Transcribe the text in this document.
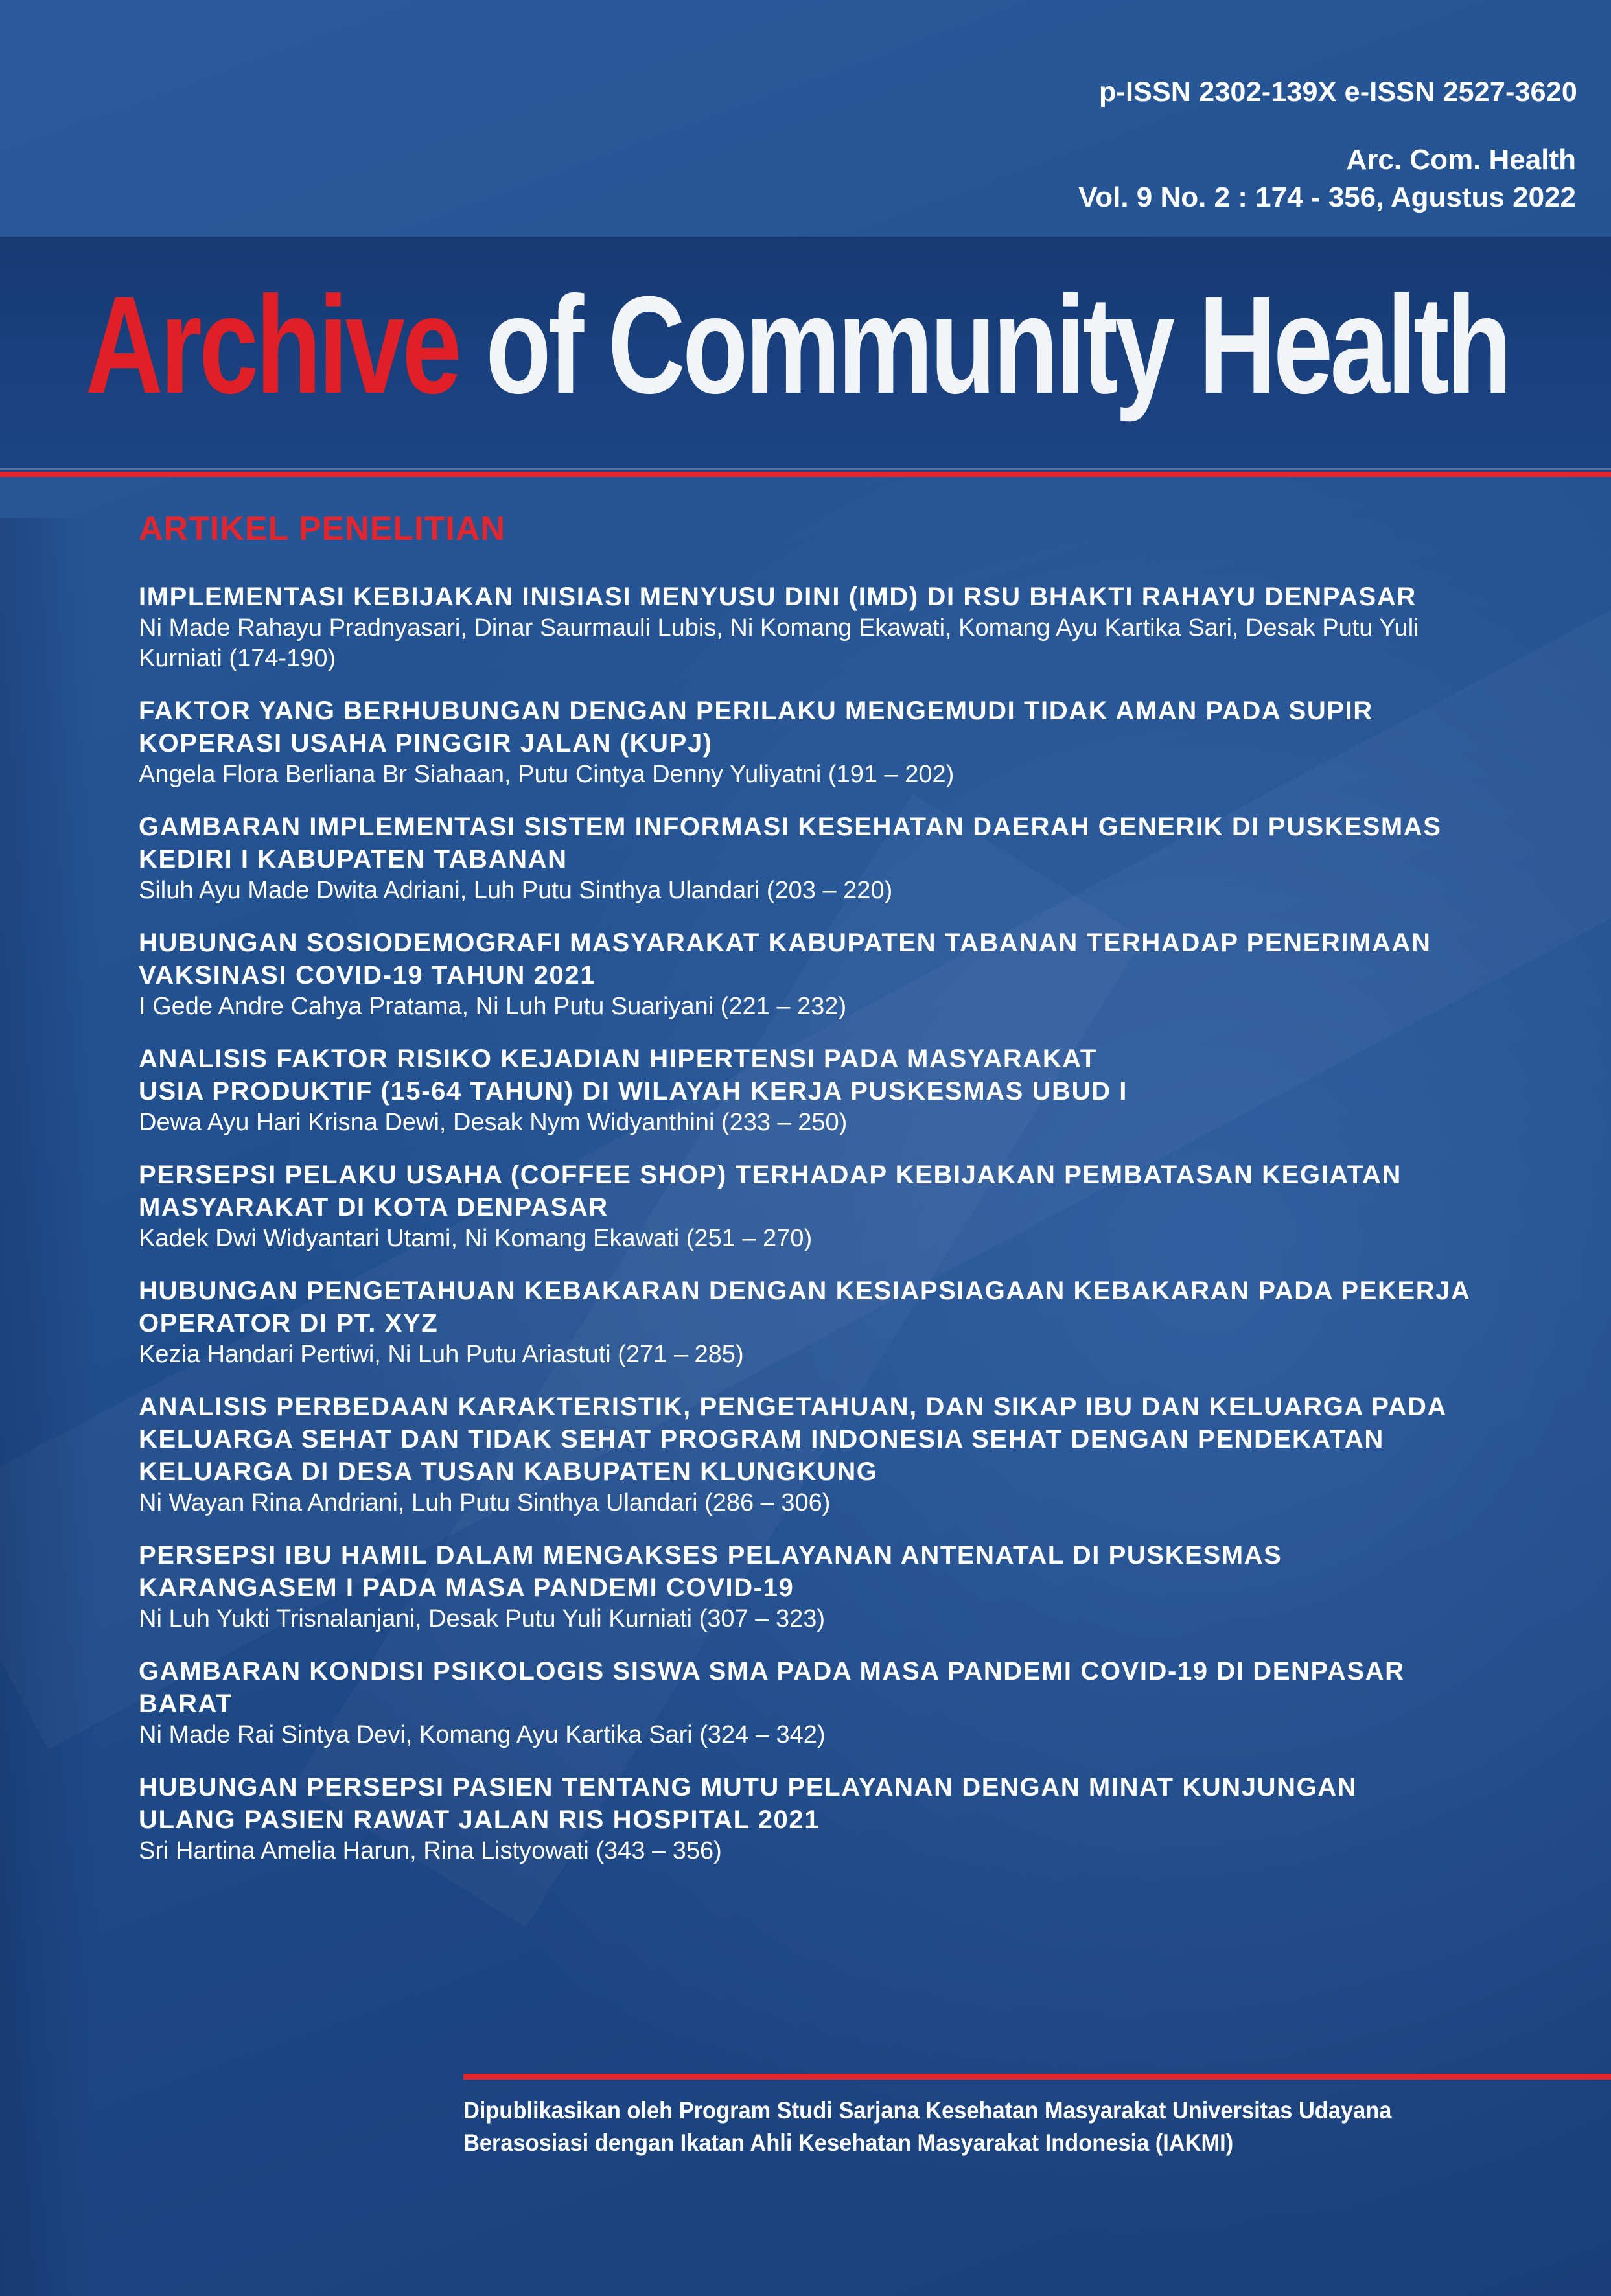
p-ISSN 2302-139X e-ISSN 2527-3620
Arc. Com. Health
Vol. 9 No. 2 : 174 - 356, Agustus 2022
Archive of Community Health
ARTIKEL PENELITIAN
IMPLEMENTASI KEBIJAKAN INISIASI MENYUSU DINI (IMD) DI RSU BHAKTI RAHAYU DENPASAR
Ni Made Rahayu Pradnyasari, Dinar Saurmauli Lubis, Ni Komang Ekawati, Komang Ayu Kartika Sari, Desak Putu Yuli
Kurniati (174-190)
FAKTOR YANG BERHUBUNGAN DENGAN PERILAKU MENGEMUDI TIDAK AMAN PADA SUPIR
KOPERASI USAHA PINGGIR JALAN (KUPJ)
Angela Flora Berliana Br Siahaan, Putu Cintya Denny Yuliyatni (191 – 202)
GAMBARAN IMPLEMENTASI SISTEM INFORMASI KESEHATAN DAERAH GENERIK DI PUSKESMAS
KEDIRI I KABUPATEN TABANAN
Siluh Ayu Made Dwita Adriani, Luh Putu Sinthya Ulandari (203 – 220)
HUBUNGAN SOSIODEMOGRAFI MASYARAKAT KABUPATEN TABANAN TERHADAP PENERIMAAN
VAKSINASI COVID-19 TAHUN 2021
I Gede Andre Cahya Pratama, Ni Luh Putu Suariyani (221 – 232)
ANALISIS FAKTOR RISIKO KEJADIAN HIPERTENSI PADA MASYARAKAT
USIA PRODUKTIF (15-64 TAHUN) DI WILAYAH KERJA PUSKESMAS UBUD I
Dewa Ayu Hari Krisna Dewi, Desak Nym Widyanthini (233 – 250)
PERSEPSI PELAKU USAHA (COFFEE SHOP) TERHADAP KEBIJAKAN PEMBATASAN KEGIATAN
MASYARAKAT DI KOTA DENPASAR
Kadek Dwi Widyantari Utami, Ni Komang Ekawati (251 – 270)
HUBUNGAN PENGETAHUAN KEBAKARAN DENGAN KESIAPSIAGAAN KEBAKARAN PADA PEKERJA
OPERATOR DI PT. XYZ
Kezia Handari Pertiwi, Ni Luh Putu Ariastuti (271 – 285)
ANALISIS PERBEDAAN KARAKTERISTIK, PENGETAHUAN, DAN SIKAP IBU DAN KELUARGA PADA
KELUARGA SEHAT DAN TIDAK SEHAT PROGRAM INDONESIA SEHAT DENGAN PENDEKATAN
KELUARGA DI DESA TUSAN KABUPATEN KLUNGKUNG
Ni Wayan Rina Andriani, Luh Putu Sinthya Ulandari (286 – 306)
PERSEPSI IBU HAMIL DALAM MENGAKSES PELAYANAN ANTENATAL DI PUSKESMAS
KARANGASEM I PADA MASA PANDEMI COVID-19
Ni Luh Yukti Trisnalanjani, Desak Putu Yuli Kurniati (307 – 323)
GAMBARAN KONDISI PSIKOLOGIS SISWA SMA PADA MASA PANDEMI COVID-19 DI DENPASAR
BARAT
Ni Made Rai Sintya Devi, Komang Ayu Kartika Sari (324 – 342)
HUBUNGAN PERSEPSI PASIEN TENTANG MUTU PELAYANAN DENGAN MINAT KUNJUNGAN
ULANG PASIEN RAWAT JALAN RIS HOSPITAL 2021
Sri Hartina Amelia Harun, Rina Listyowati (343 – 356)
Dipublikasikan oleh Program Studi Sarjana Kesehatan Masyarakat Universitas Udayana
Berasosiasi dengan Ikatan Ahli Kesehatan Masyarakat Indonesia (IAKMI)
